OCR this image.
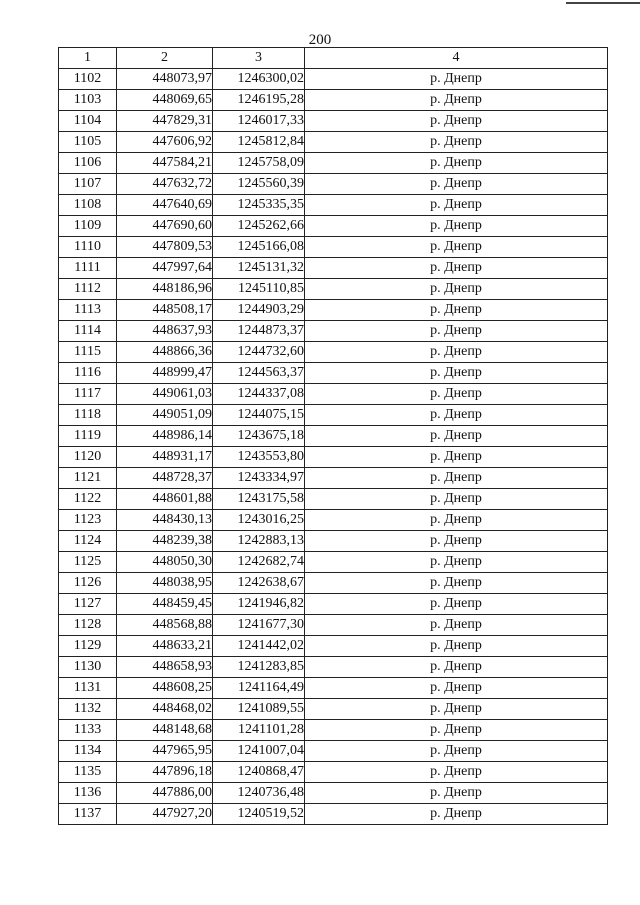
200
1	2	3	4
1102	448073,97	1246300,02	р. Днепр
1103	448069,65	1246195,28	р. Днепр
1104	447829,31	1246017,33	р. Днепр
1105	447606,92	1245812,84	р. Днепр
1106	447584,21	1245758,09	р. Днепр
1107	447632,72	1245560,39	р. Днепр
1108	447640,69	1245335,35	р. Днепр
1109	447690,60	1245262,66	р. Днепр
1110	447809,53	1245166,08	р. Днепр
1111	447997,64	1245131,32	р. Днепр
1112	448186,96	1245110,85	р. Днепр
1113	448508,17	1244903,29	р. Днепр
1114	448637,93	1244873,37	р. Днепр
1115	448866,36	1244732,60	р. Днепр
1116	448999,47	1244563,37	р. Днепр
1117	449061,03	1244337,08	р. Днепр
1118	449051,09	1244075,15	р. Днепр
1119	448986,14	1243675,18	р. Днепр
1120	448931,17	1243553,80	р. Днепр
1121	448728,37	1243334,97	р. Днепр
1122	448601,88	1243175,58	р. Днепр
1123	448430,13	1243016,25	р. Днепр
1124	448239,38	1242883,13	р. Днепр
1125	448050,30	1242682,74	р. Днепр
1126	448038,95	1242638,67	р. Днепр
1127	448459,45	1241946,82	р. Днепр
1128	448568,88	1241677,30	р. Днепр
1129	448633,21	1241442,02	р. Днепр
1130	448658,93	1241283,85	р. Днепр
1131	448608,25	1241164,49	р. Днепр
1132	448468,02	1241089,55	р. Днепр
1133	448148,68	1241101,28	р. Днепр
1134	447965,95	1241007,04	р. Днепр
1135	447896,18	1240868,47	р. Днепр
1136	447886,00	1240736,48	р. Днепр
1137	447927,20	1240519,52	р. Днепр
